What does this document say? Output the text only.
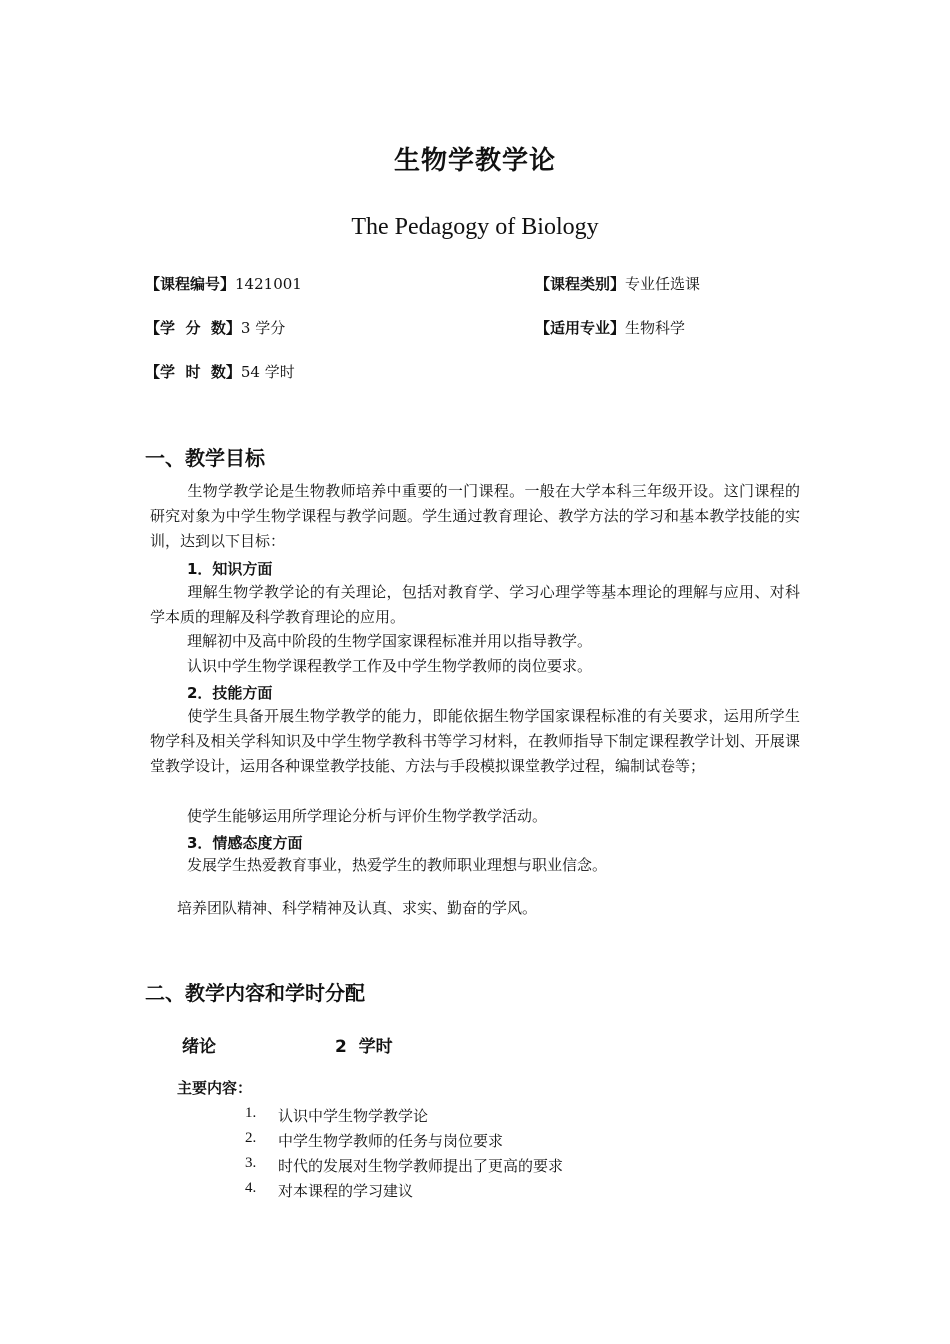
生物学教学论
The Pedagogy of Biology
【课程编号】1421001	【课程类别】专业任选课
【学  分  数】3 学分	【适用专业】生物科学
【学  时  数】54 学时
一、教学目标
生物学教学论是生物教师培养中重要的一门课程。一般在大学本科三年级开设。这门课程的研究对象为中学生物学课程与教学问题。学生通过教育理论、教学方法的学习和基本教学技能的实训，达到以下目标：
1．知识方面
理解生物学教学论的有关理论，包括对教育学、学习心理学等基本理论的理解与应用、对科学本质的理解及科学教育理论的应用。
理解初中及高中阶段的生物学国家课程标准并用以指导教学。
认识中学生物学课程教学工作及中学生物学教师的岗位要求。
2．技能方面
使学生具备开展生物学教学的能力，即能依据生物学国家课程标准的有关要求，运用所学生物学科及相关学科知识及中学生物学教科书等学习材料，在教师指导下制定课程教学计划、开展课堂教学设计，运用各种课堂教学技能、方法与手段模拟课堂教学过程，编制试卷等；
使学生能够运用所学理论分析与评价生物学教学活动。
3．情感态度方面
发展学生热爱教育事业，热爱学生的教师职业理想与职业信念。
培养团队精神、科学精神及认真、求实、勤奋的学风。
二、教学内容和学时分配
绪论	2  学时
主要内容：
1. 认识中学生物学教学论
2. 中学生物学教师的任务与岗位要求
3. 时代的发展对生物学教师提出了更高的要求
4. 对本课程的学习建议
